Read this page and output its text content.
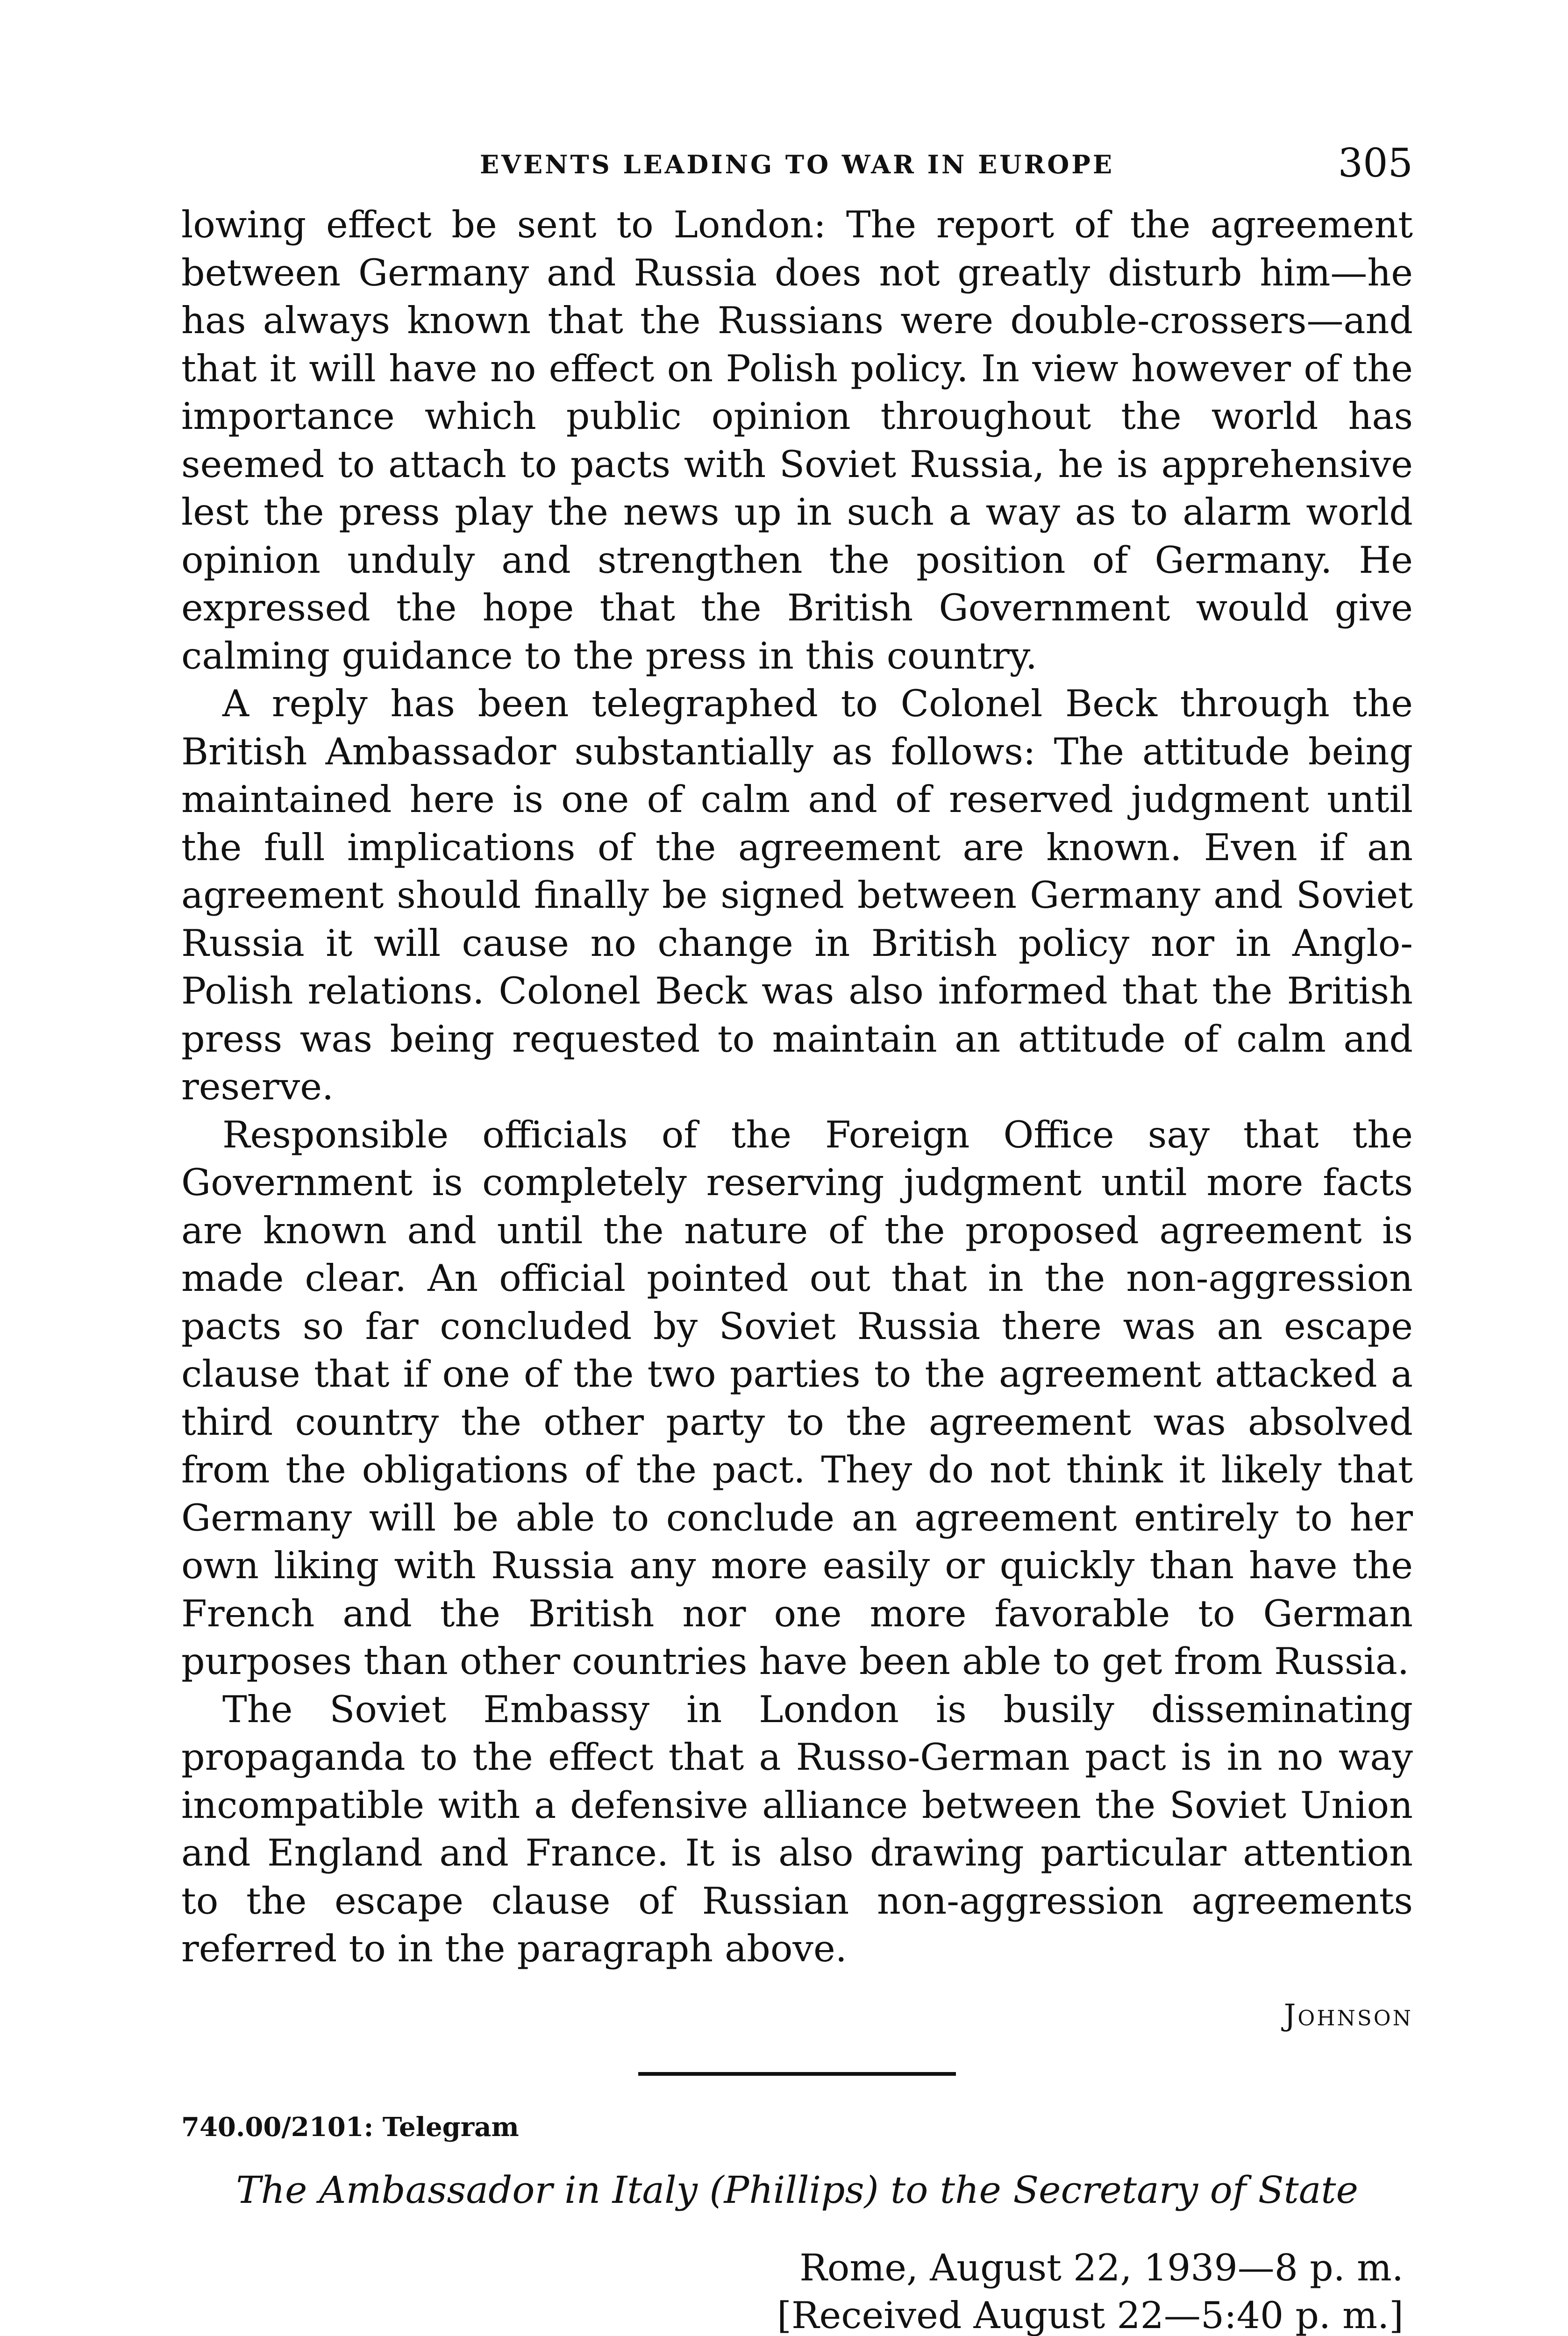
EVENTS LEADING TO WAR IN EUROPE	305

lowing effect be sent to London: The report of the agreement between Germany and Russia does not greatly disturb him—he has always known that the Russians were double-crossers—and that it will have no effect on Polish policy. In view however of the importance which public opinion throughout the world has seemed to attach to pacts with Soviet Russia, he is apprehensive lest the press play the news up in such a way as to alarm world opinion unduly and strengthen the position of Germany. He expressed the hope that the British Government would give calming guidance to the press in this country.

A reply has been telegraphed to Colonel Beck through the British Ambassador substantially as follows: The attitude being maintained here is one of calm and of reserved judgment until the full implications of the agreement are known. Even if an agreement should finally be signed between Germany and Soviet Russia it will cause no change in British policy nor in Anglo-Polish relations. Colonel Beck was also informed that the British press was being requested to maintain an attitude of calm and reserve.

Responsible officials of the Foreign Office say that the Government is completely reserving judgment until more facts are known and until the nature of the proposed agreement is made clear. An official pointed out that in the non-aggression pacts so far concluded by Soviet Russia there was an escape clause that if one of the two parties to the agreement attacked a third country the other party to the agreement was absolved from the obligations of the pact. They do not think it likely that Germany will be able to conclude an agreement entirely to her own liking with Russia any more easily or quickly than have the French and the British nor one more favorable to German purposes than other countries have been able to get from Russia.

The Soviet Embassy in London is busily disseminating propaganda to the effect that a Russo-German pact is in no way incompatible with a defensive alliance between the Soviet Union and England and France. It is also drawing particular attention to the escape clause of Russian non-aggression agreements referred to in the paragraph above.

Johnson
740.00/2101: Telegram
The Ambassador in Italy (Phillips) to the Secretary of State
Rome, August 22, 1939—8 p. m.
[Received August 22—5:40 p. m.]
